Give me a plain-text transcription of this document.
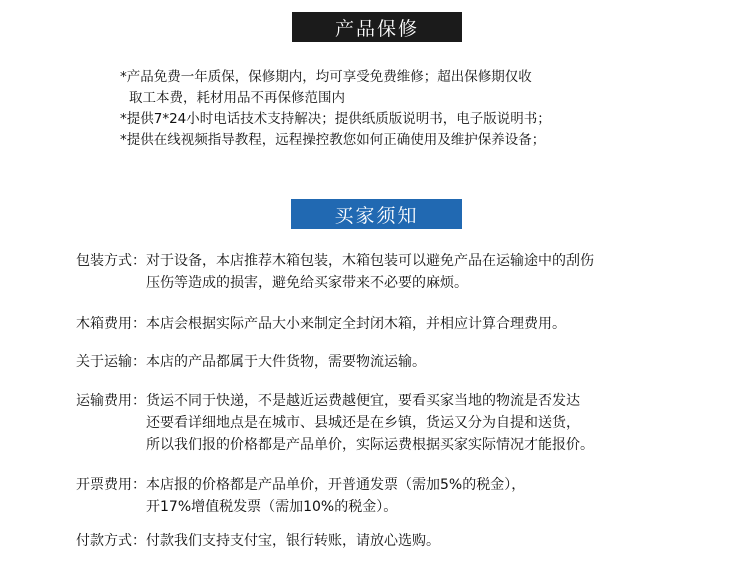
产品保修
*产品免费一年质保，保修期内，均可享受免费维修；超出保修期仅收
取工本费，耗材用品不再保修范围内
*提供7*24小时电话技术支持解决；提供纸质版说明书，电子版说明书；
*提供在线视频指导教程，远程操控教您如何正确使用及维护保养设备；
买家须知
包装方式： 对于设备，本店推荐木箱包装，木箱包装可以避免产品在运输途中的刮伤
压伤等造成的损害，避免给买家带来不必要的麻烦。
木箱费用： 本店会根据实际产品大小来制定全封闭木箱，并相应计算合理费用。
关于运输： 本店的产品都属于大件货物，需要物流运输。
运输费用： 货运不同于快递，不是越近运费越便宜，要看买家当地的物流是否发达
还要看详细地点是在城市、县城还是在乡镇，货运又分为自提和送货，
所以我们报的价格都是产品单价，实际运费根据买家实际情况才能报价。
开票费用： 本店报的价格都是产品单价，开普通发票（需加5%的税金），
开17%增值税发票（需加10%的税金）。
付款方式： 付款我们支持支付宝，银行转账，请放心选购。
